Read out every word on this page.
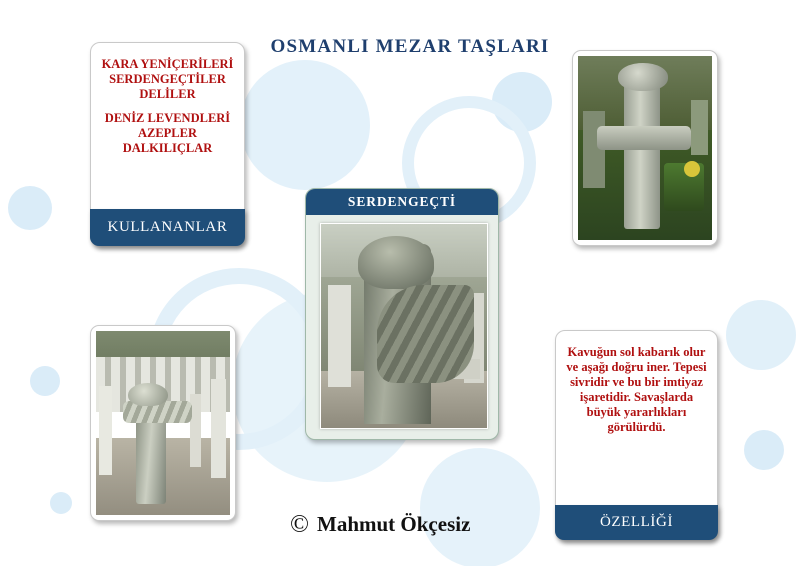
OSMANLI MEZAR TAŞLARI
KARA YENİÇERİLERİ
SERDENGEÇTİLER
DELİLER
DENİZ LEVENDLERİ
AZEPLER
DALKILIÇLAR
KULLANANLAR
SERDENGEÇTİ
Kavuğun sol kabarık olur ve aşağı doğru iner. Tepesi sivridir ve bu bir imtiyaz işaretidir. Savaşlarda büyük yararlıkları görülürdü.
ÖZELLİĞİ
© Mahmut Ökçesiz
